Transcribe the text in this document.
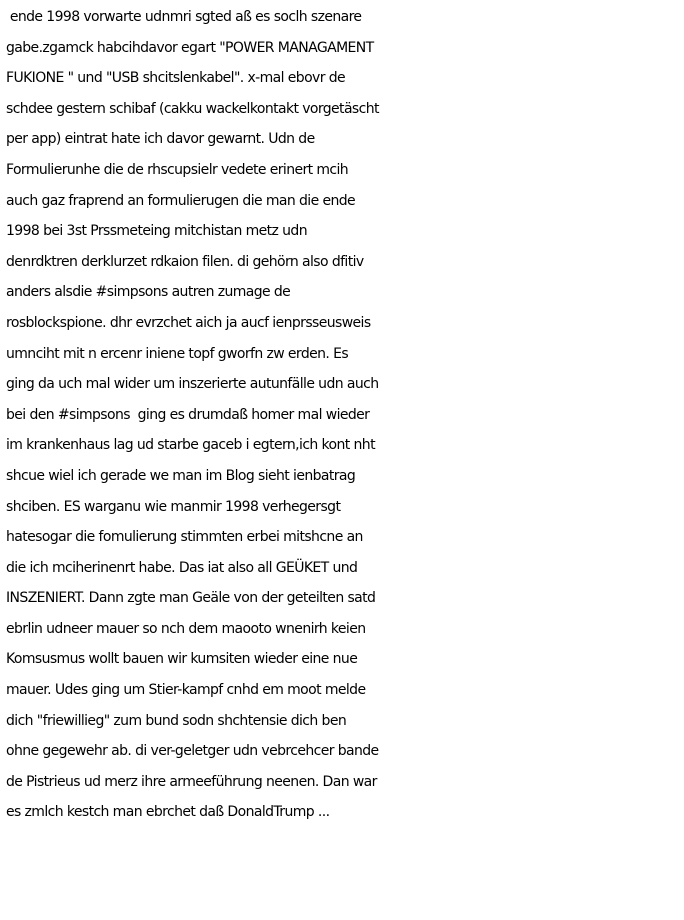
ende 1998 vorwarte udnmri sgted aß es soclh szenare
gabe.zgamck habcihdavor egart "POWER MANAGAMENT
FUKIONE " und "USB shcitslenkabel". x-mal ebovr de
schdee gestern schibaf (cakku wackelkontakt vorgetäscht
per app) eintrat hate ich davor gewarnt. Udn de
Formulierunhe die de rhscupsielr vedete erinert mcih
auch gaz fraprend an formulierugen die man die ende
1998 bei 3st Prssmeteing mitchistan metz udn
denrdktren derklurzet rdkaion filen. di gehörn also dfitiv
anders alsdie #simpsons autren zumage de
rosblockspione. dhr evrzchet aich ja aucf ienprsseusweis
umnciht mit n ercenr iniene topf gworfn zw erden. Es
ging da uch mal wider um inszerierte autunfälle udn auch
bei den #simpsons  ging es drumdaß homer mal wieder
im krankenhaus lag ud starbe gaceb i egtern,ich kont nht
shcue wiel ich gerade we man im Blog sieht ienbatrag
shciben. ES warganu wie manmir 1998 verhegersgt
hatesogar die fomulierung stimmten erbei mitshcne an
die ich mciherinenrt habe. Das iat also all GEÜKET und
INSZENIERT. Dann zgte man Geäle von der geteilten satd
ebrlin udneer mauer so nch dem maooto wnenirh keien
Komsusmus wollt bauen wir kumsiten wieder eine nue
mauer. Udes ging um Stier-kampf cnhd em moot melde
dich "friewillieg" zum bund sodn shchtensie dich ben
ohne gegewehr ab. di ver-geletger udn vebrcehcer bande
de Pistrieus ud merz ihre armeeführung neenen. Dan war
es zmlch kestch man ebrchet daß DonaldTrump ...
